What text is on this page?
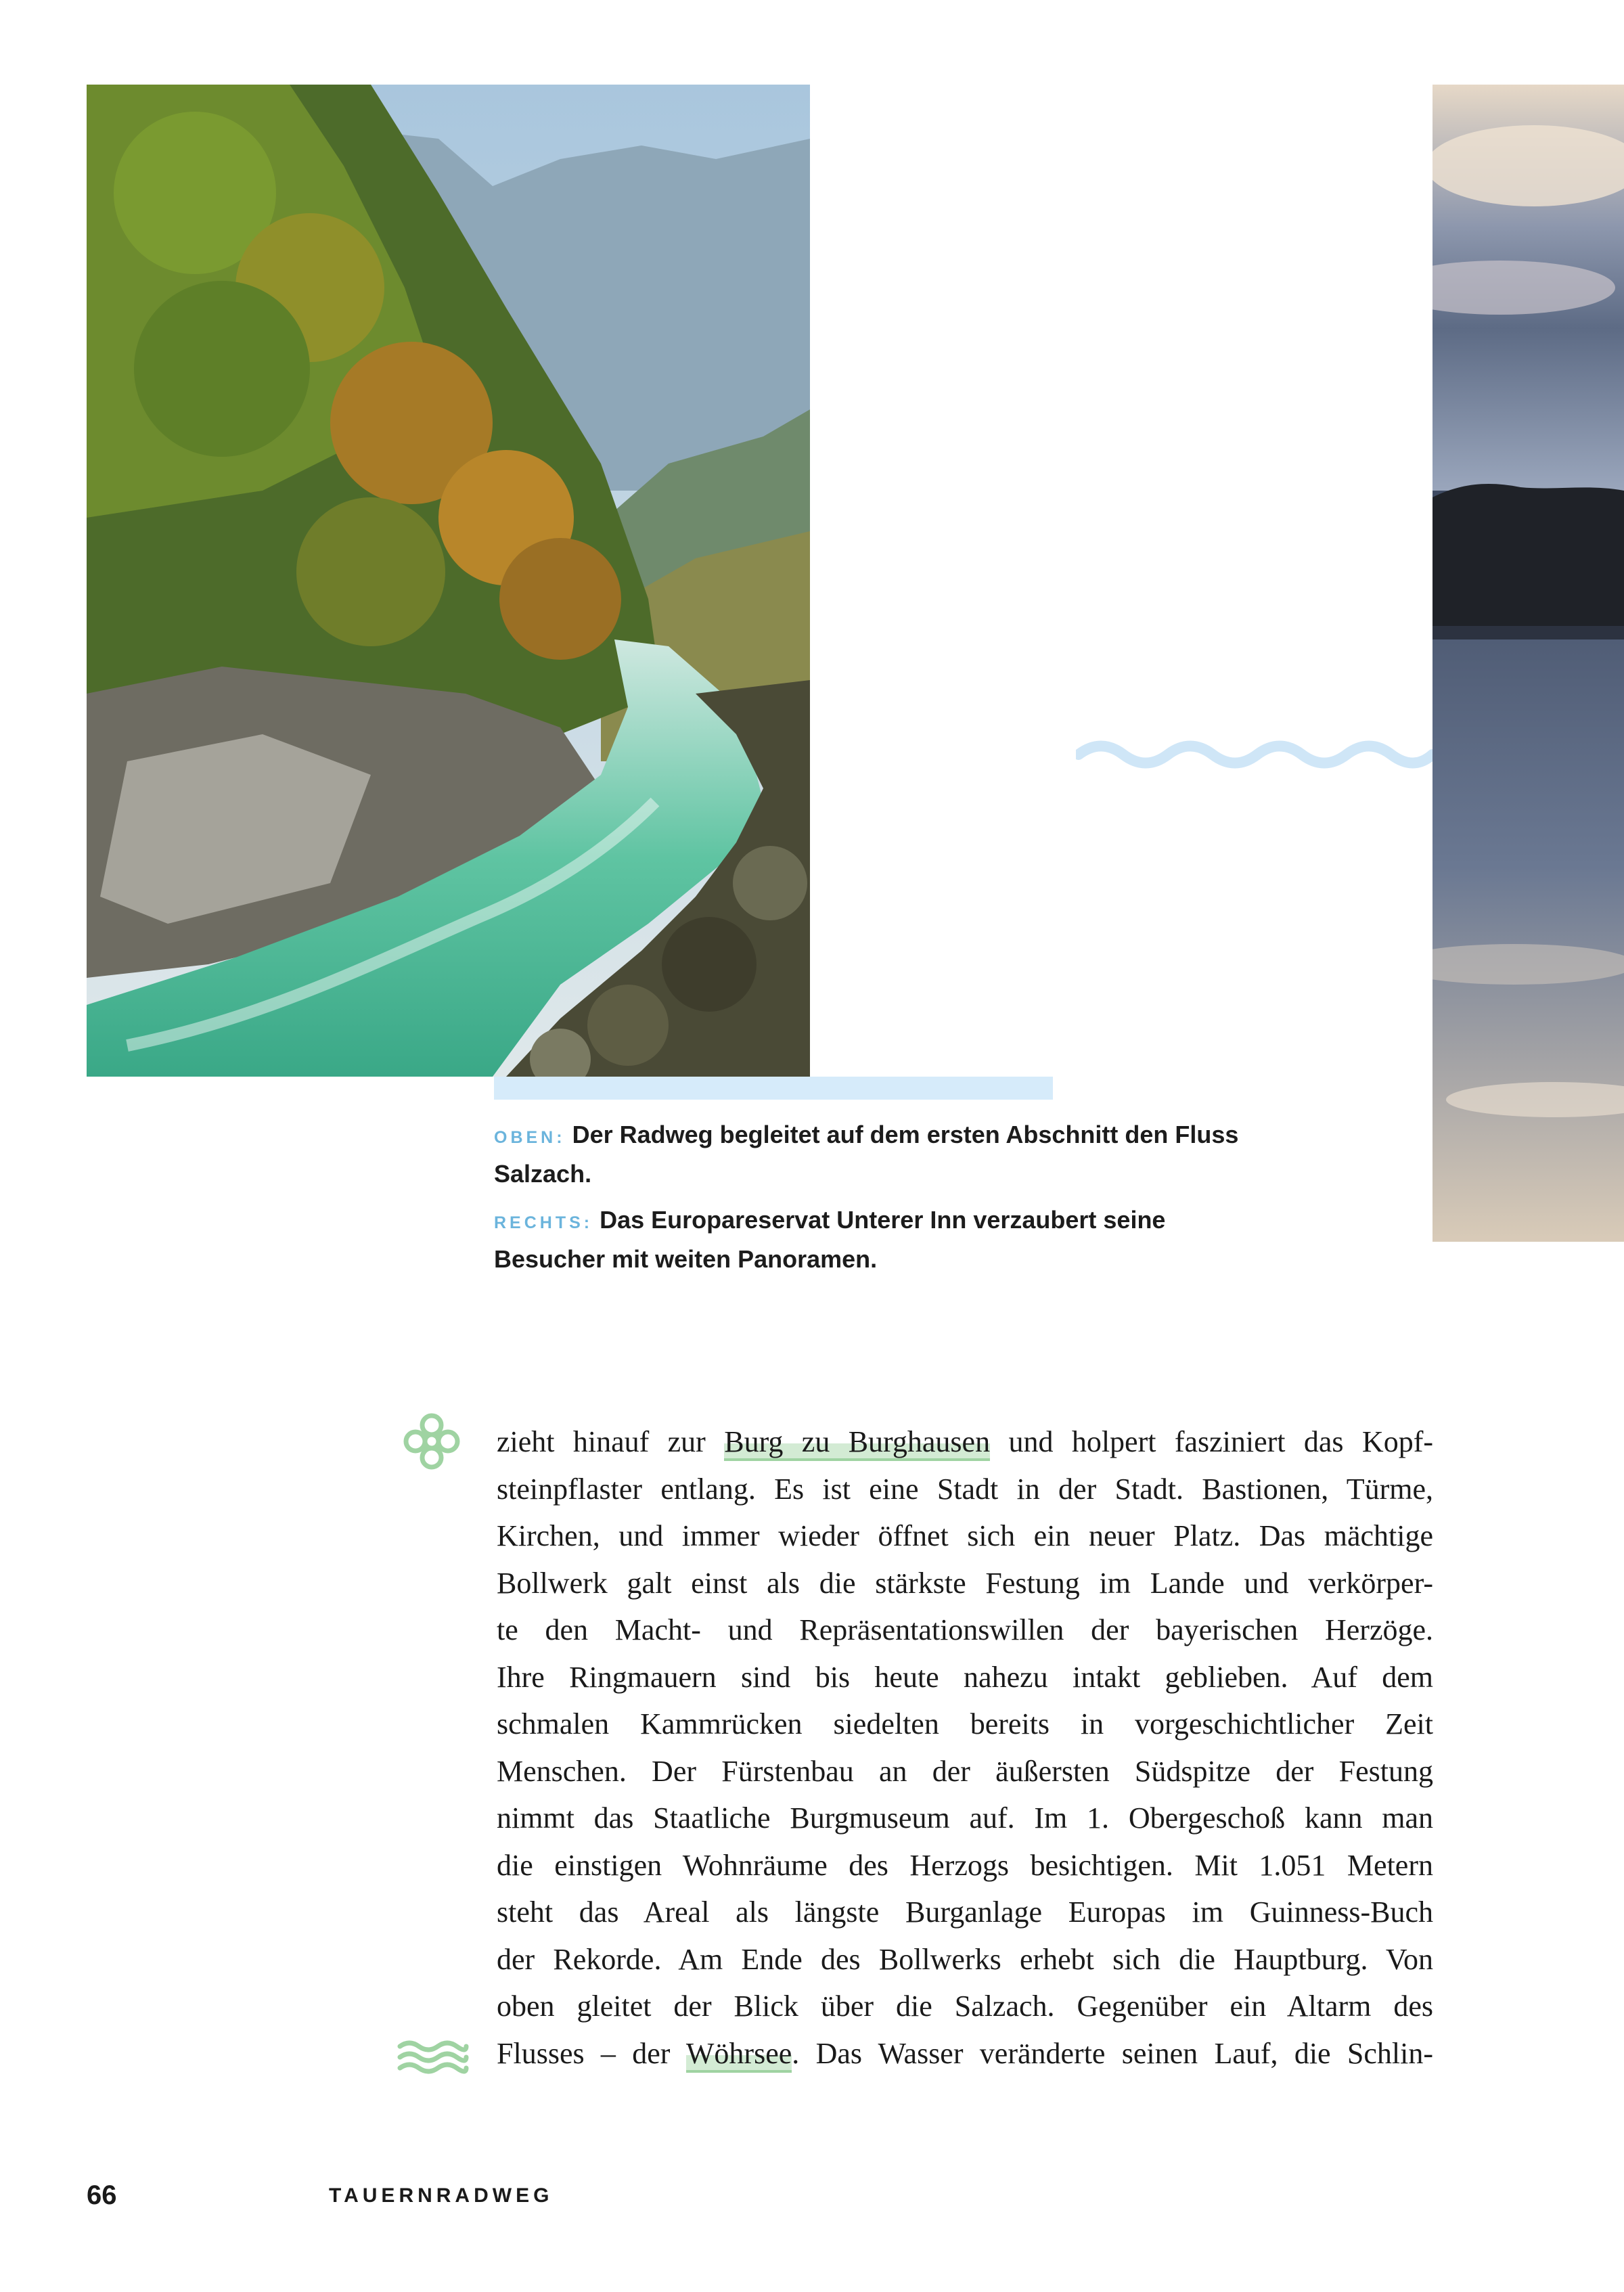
OBEN: Der Radweg begleitet auf dem ersten Abschnitt den Fluss
Salzach.
RECHTS: Das Europareservat Unterer Inn verzaubert seine
Besucher mit weiten Panoramen.
zieht hinauf zur Burg zu Burghausen und holpert fasziniert das Kopf-
steinpflaster entlang. Es ist eine Stadt in der Stadt. Bastionen, Türme,
Kirchen, und immer wieder öffnet sich ein neuer Platz. Das mächtige
Bollwerk galt einst als die stärkste Festung im Lande und verkörper-
te den Macht- und Repräsentationswillen der bayerischen Herzöge.
Ihre Ringmauern sind bis heute nahezu intakt geblieben. Auf dem
schmalen Kammrücken siedelten bereits in vorgeschichtlicher Zeit
Menschen. Der Fürstenbau an der äußersten Südspitze der Festung
nimmt das Staatliche Burgmuseum auf. Im 1. Obergeschoß kann man
die einstigen Wohnräume des Herzogs besichtigen. Mit 1.051 Metern
steht das Areal als längste Burganlage Europas im Guinness-Buch
der Rekorde. Am Ende des Bollwerks erhebt sich die Hauptburg. Von
oben gleitet der Blick über die Salzach. Gegenüber ein Altarm des
Flusses – der Wöhrsee. Das Wasser veränderte seinen Lauf, die Schlin-
66	TAUERNRADWEG
